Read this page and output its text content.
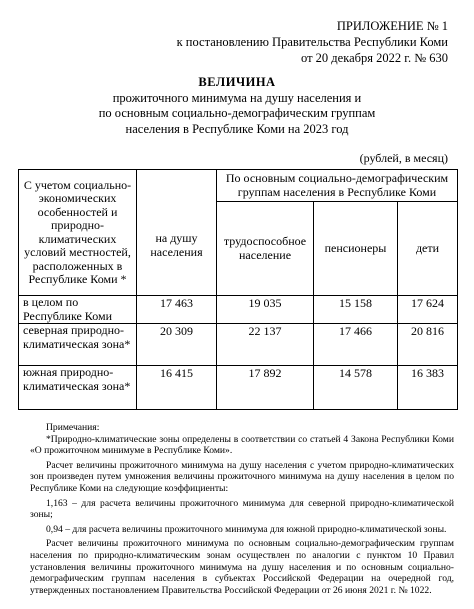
ПРИЛОЖЕНИЕ № 1
к постановлению Правительства Республики Коми
от 20 декабря 2022 г. № 630
ВЕЛИЧИНА
прожиточного минимума на душу населения и
по основным социально-демографическим группам
населения в Республике Коми на 2023 год
(рублей, в месяц)
С учетом социально-экономических особенностей и природно-климатических условий местностей, расположенных в Республике Коми *	на душу населения	По основным социально-демографическим группам населения в Республике Коми		
		трудоспособное население	пенсионеры	дети
в целом по Республике Коми	17 463	19 035	15 158	17 624
северная природно-климатическая зона*	20 309	22 137	17 466	20 816
южная природно-климатическая зона*	16 415	17 892	14 578	16 383

Примечания:

*Природно-климатические зоны определены в соответствии со статьей 4 Закона Республики Коми «О прожиточном минимуме в Республике Коми».

Расчет величины прожиточного минимума на душу населения с учетом природно-климатических зон произведен путем умножения величины прожиточного минимума на душу населения в целом по Республике Коми на следующие коэффициенты:

1,163 – для расчета величины прожиточного минимума для северной природно-климатической зоны;

0,94 – для расчета величины прожиточного минимума для южной природно-климатической зоны.

Расчет величины прожиточного минимума по основным социально-демографическим группам населения по природно-климатическим зонам осуществлен по аналогии с пунктом 10 Правил установления величины прожиточного минимума на душу населения и по основным социально-демографическим группам населения в субъектах Российской Федерации на очередной год, утвержденных постановлением Правительства Российской Федерации от 26 июня 2021 г. № 1022.
